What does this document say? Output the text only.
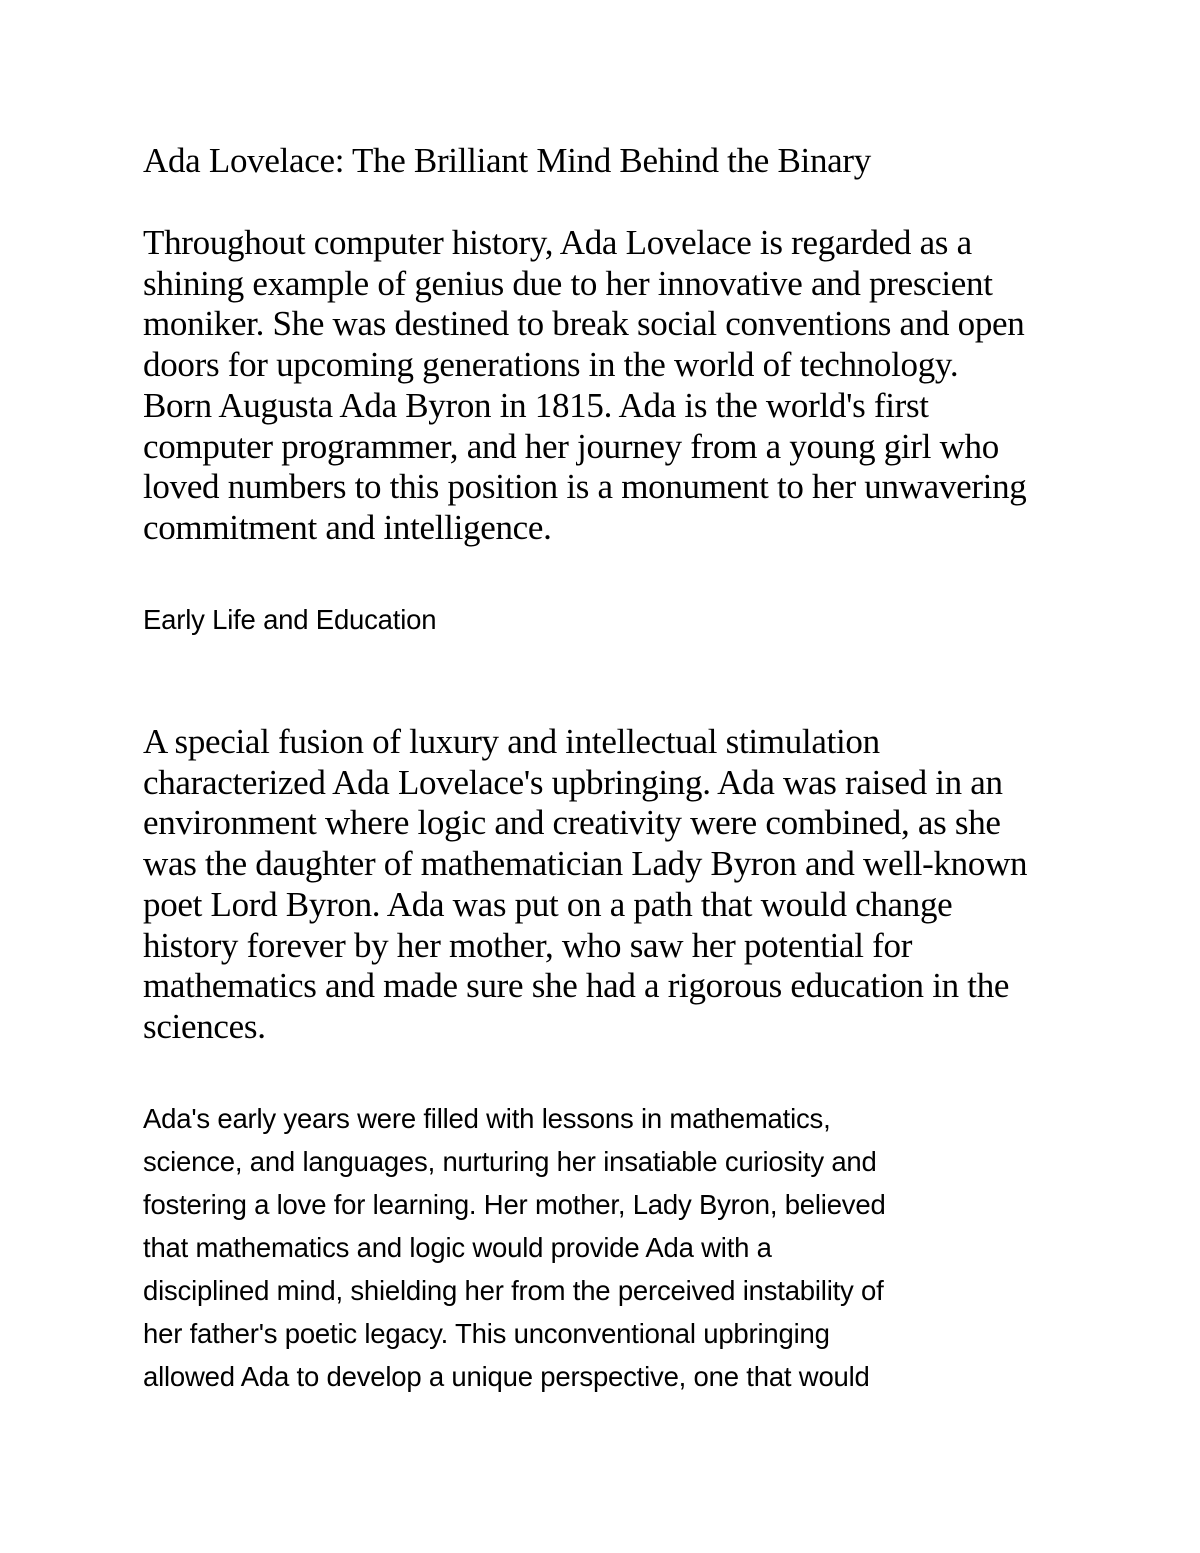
Ada Lovelace: The Brilliant Mind Behind the Binary
Throughout computer history, Ada Lovelace is regarded as a
shining example of genius due to her innovative and prescient
moniker. She was destined to break social conventions and open
doors for upcoming generations in the world of technology.
Born Augusta Ada Byron in 1815. Ada is the world's first
computer programmer, and her journey from a young girl who
loved numbers to this position is a monument to her unwavering
commitment and intelligence.
Early Life and Education
A special fusion of luxury and intellectual stimulation
characterized Ada Lovelace's upbringing. Ada was raised in an
environment where logic and creativity were combined, as she
was the daughter of mathematician Lady Byron and well-known
poet Lord Byron. Ada was put on a path that would change
history forever by her mother, who saw her potential for
mathematics and made sure she had a rigorous education in the
sciences.
Ada's early years were filled with lessons in mathematics,
science, and languages, nurturing her insatiable curiosity and
fostering a love for learning. Her mother, Lady Byron, believed
that mathematics and logic would provide Ada with a
disciplined mind, shielding her from the perceived instability of
her father's poetic legacy. This unconventional upbringing
allowed Ada to develop a unique perspective, one that would
